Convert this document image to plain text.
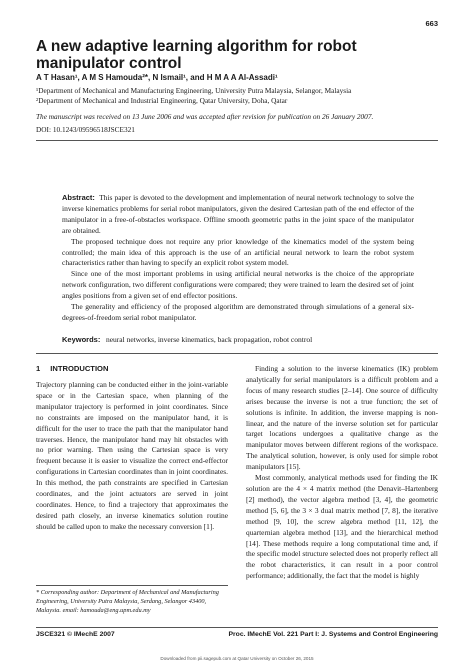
663
A new adaptive learning algorithm for robot manipulator control
A T Hasan¹, A M S Hamouda²*, N Ismail¹, and H M A A Al-Assadi¹
¹Department of Mechanical and Manufacturing Engineering, University Putra Malaysia, Selangor, Malaysia
²Department of Mechanical and Industrial Engineering, Qatar University, Doha, Qatar
The manuscript was received on 13 June 2006 and was accepted after revision for publication on 26 January 2007.
DOI: 10.1243/09596518JSCE321

Abstract: This paper is devoted to the development and implementation of neural network technology to solve the inverse kinematics problems for serial robot manipulators, given the desired Cartesian path of the end effector of the manipulator in a free-of-obstacles workspace. Offline smooth geometric paths in the joint space of the manipulator are obtained.

The proposed technique does not require any prior knowledge of the kinematics model of the system being controlled; the main idea of this approach is the use of an artificial neural network to learn the robot system characteristics rather than having to specify an explicit robot system model.

Since one of the most important problems in using artificial neural networks is the choice of the appropriate network configuration, two different configurations were compared; they were trained to learn the desired set of joint angles positions from a given set of end effector positions.

The generality and efficiency of the proposed algorithm are demonstrated through simulations of a general six-degrees-of-freedom serial robot manipulator.

Keywords: neural networks, inverse kinematics, back propagation, robot control
1 INTRODUCTION

Trajectory planning can be conducted either in the joint-variable space or in the Cartesian space, when planning of the manipulator trajectory is performed in joint coordinates. Since no constraints are imposed on the manipulator hand, it is difficult for the user to trace the path that the manipulator hand traverses. Hence, the manipulator hand may hit obstacles with no prior warning. Then using the Cartesian space is very frequent because it is easier to visualize the correct end-effector configurations in Cartesian coordinates than in joint coordinates. In this method, the path constraints are specified in Cartesian coordinates, and the joint actuators are served in joint coordinates. Hence, to find a trajectory that approximates the desired path closely, an inverse kinematics solution routine should be called upon to make the necessary conversion [1].

Finding a solution to the inverse kinematics (IK) problem analytically for serial manipulators is a difficult problem and a focus of many research studies [2–14]. One source of difficulty arises because the inverse is not a true function; the set of solutions is infinite. In addition, the inverse mapping is non-linear, and the nature of the inverse solution set for particular target locations undergoes a qualitative change as the manipulator moves between different regions of the workspace. The analytical solution, however, is only used for simple robot manipulators [15].

Most commonly, analytical methods used for finding the IK solution are the 4 × 4 matrix method (the Denavit–Hartenberg [2] method), the vector algebra method [3, 4], the geometric method [5, 6], the 3 × 3 dual matrix method [7, 8], the iterative method [9, 10], the screw algebra method [11, 12], the quarternian algebra method [13], and the hierarchical method [14]. These methods require a long computational time and, if the specific model structure selected does not properly reflect all the robot characteristics, it can result in a poor control performance; additionally, the fact that the model is highly

* Corresponding author: Department of Mechanical and Manufacturing Engineering, University Putra Malaysia, Serdang, Selangor 43400, Malaysia. email: hamouda@eng.upm.edu.my
JSCE321 © IMechE 2007	Proc. IMechE Vol. 221 Part I: J. Systems and Control Engineering
Downloaded from pii.sagepub.com at Qatar University on October 26, 2015
